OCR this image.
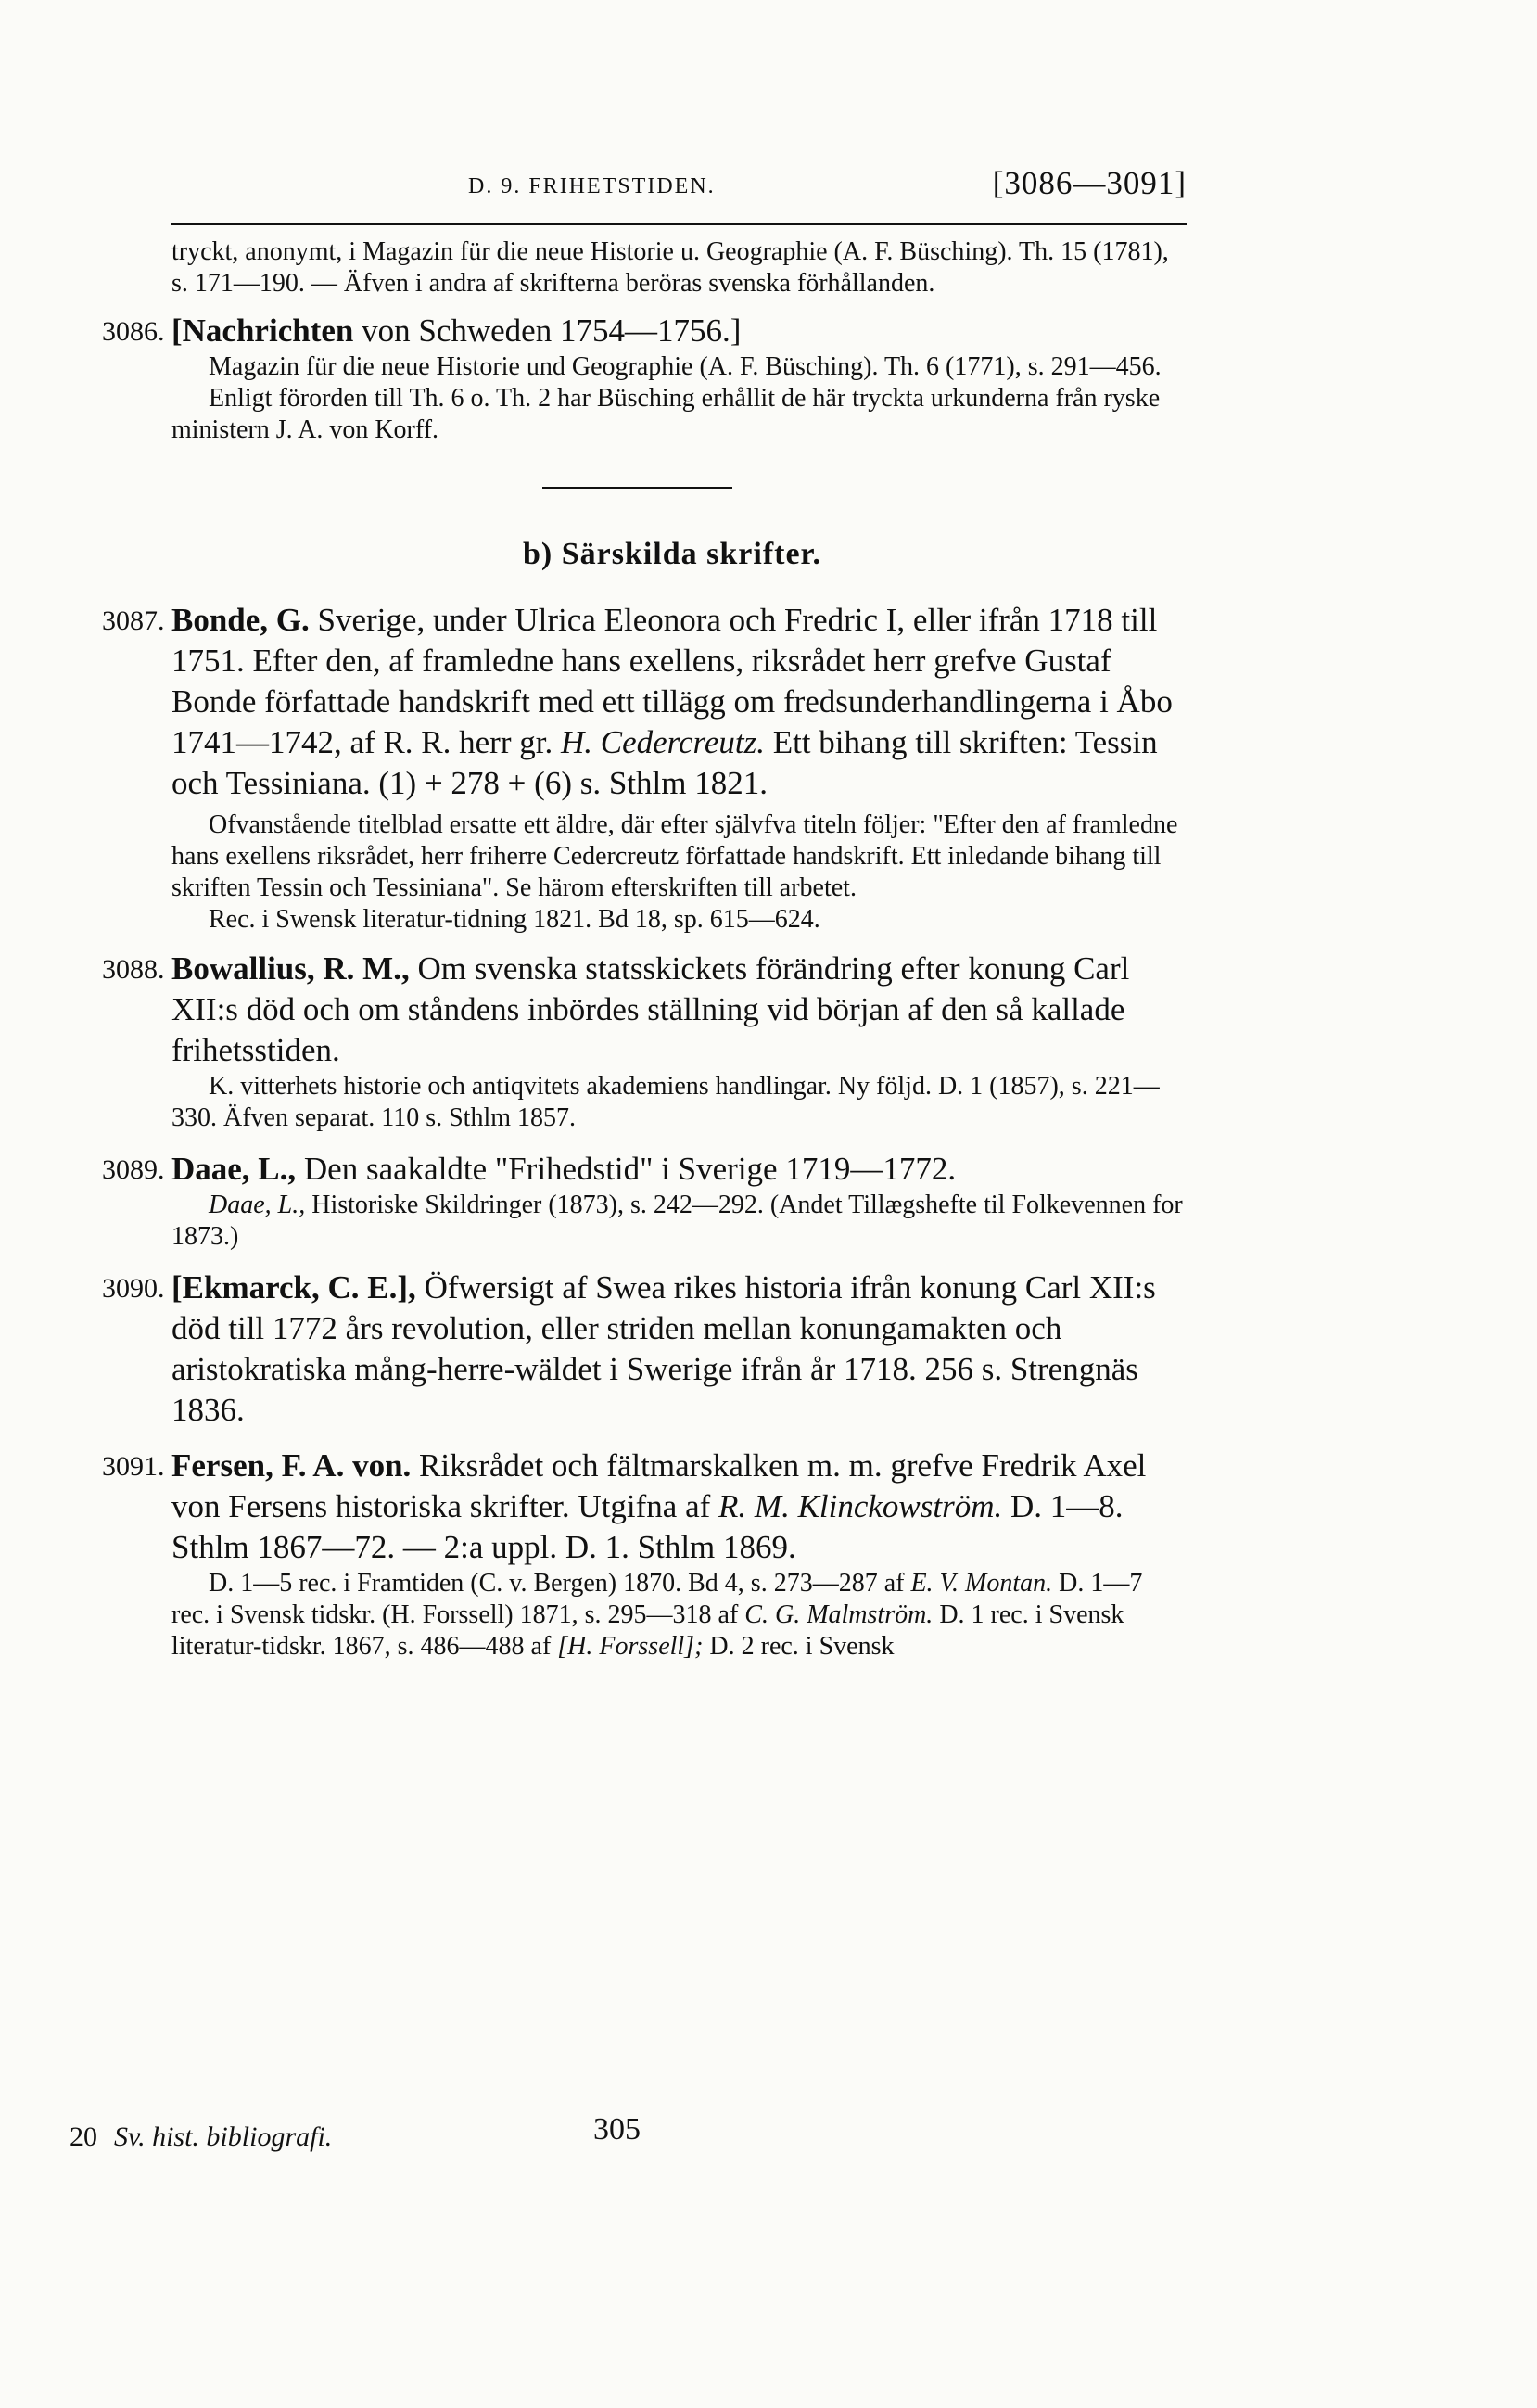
D. 9. FRIHETSTIDEN.	[3086—3091]

tryckt, anonymt, i Magazin für die neue Historie u. Geographie (A. F. Büsching). Th. 15 (1781), s. 171—190. — Äfven i andra af skrifterna beröras svenska förhållanden.

3086. [Nachrichten von Schweden 1754—1756.]

Magazin für die neue Historie und Geographie (A. F. Büsching). Th. 6 (1771), s. 291—456.

Enligt förorden till Th. 6 o. Th. 2 har Büsching erhållit de här tryckta urkunderna från ryske ministern J. A. von Korff.

b) Särskilda skrifter.
3087. Bonde, G. Sverige, under Ulrica Eleonora och Fredric I, eller ifrån 1718 till 1751. Efter den, af framledne hans exellens, riksrådet herr grefve Gustaf Bonde författade handskrift med ett tillägg om fredsunderhandlingerna i Åbo 1741—1742, af R. R. herr gr. H. Cedercreutz. Ett bihang till skriften: Tessin och Tessiniana. (1) + 278 + (6) s. Sthlm 1821.

Ofvanstående titelblad ersatte ett äldre, där efter självfva titeln följer: "Efter den af framledne hans exellens riksrådet, herr friherre Cedercreutz författade handskrift. Ett inledande bihang till skriften Tessin och Tessiniana". Se härom efterskriften till arbetet.

Rec. i Swensk literatur-tidning 1821. Bd 18, sp. 615—624.

3088. Bowallius, R. M., Om svenska statsskickets förändring efter konung Carl XII:s död och om ståndens inbördes ställning vid början af den så kallade frihetsstiden.

K. vitterhets historie och antiqvitets akademiens handlingar. Ny följd. D. 1 (1857), s. 221—330. Äfven separat. 110 s. Sthlm 1857.

3089. Daae, L., Den saakaldte "Frihedstid" i Sverige 1719—1772.

Daae, L., Historiske Skildringer (1873), s. 242—292. (Andet Tillægshefte til Folkevennen for 1873.)

3090. [Ekmarck, C. E.], Öfwersigt af Swea rikes historia ifrån konung Carl XII:s död till 1772 års revolution, eller striden mellan konungamakten och aristokratiska mång-herre-wäldet i Swerige ifrån år 1718. 256 s. Strengnäs 1836.

3091. Fersen, F. A. von. Riksrådet och fältmarskalken m. m. grefve Fredrik Axel von Fersens historiska skrifter. Utgifna af R. M. Klinckowström. D. 1—8. Sthlm 1867—72. — 2:a uppl. D. 1. Sthlm 1869.

D. 1—5 rec. i Framtiden (C. v. Bergen) 1870. Bd 4, s. 273—287 af E. V. Montan. D. 1—7 rec. i Svensk tidskr. (H. Forssell) 1871, s. 295—318 af C. G. Malmström. D. 1 rec. i Svensk literatur-tidskr. 1867, s. 486—488 af [H. Forssell]; D. 2 rec. i Svensk

20 Sv. hist. bibliografi.	305
